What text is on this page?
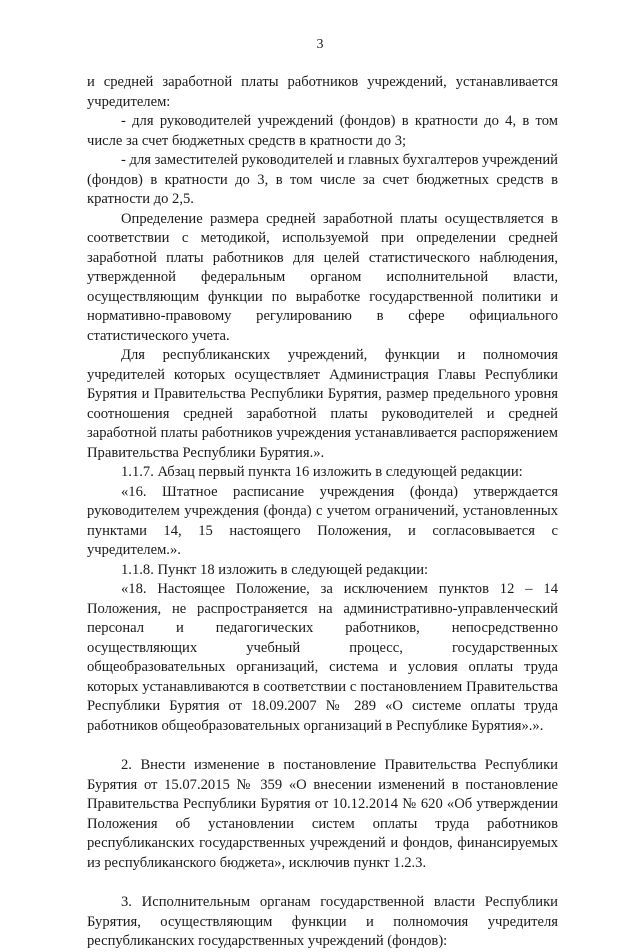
3

и средней заработной платы работников учреждений, устанавливается учредителем:

- для руководителей учреждений (фондов) в кратности до 4, в том числе за счет бюджетных средств в кратности до 3;

- для заместителей руководителей и главных бухгалтеров учреждений (фондов) в кратности до 3, в том числе за счет бюджетных средств в кратности до 2,5.

Определение размера средней заработной платы осуществляется в соответствии с методикой, используемой при определении средней заработной платы работников для целей статистического наблюдения, утвержденной федеральным органом исполнительной власти, осуществляющим функции по выработке государственной политики и нормативно-правовому регулированию в сфере официального статистического учета.

Для республиканских учреждений, функции и полномочия учредителей которых осуществляет Администрация Главы Республики Бурятия и Правительства Республики Бурятия, размер предельного уровня соотношения средней заработной платы руководителей и средней заработной платы работников учреждения устанавливается распоряжением Правительства Республики Бурятия.».

1.1.7. Абзац первый пункта 16 изложить в следующей редакции:

«16. Штатное расписание учреждения (фонда) утверждается руководителем учреждения (фонда) с учетом ограничений, установленных пунктами 14, 15 настоящего Положения, и согласовывается с учредителем.».

1.1.8. Пункт 18 изложить в следующей редакции:

«18. Настоящее Положение, за исключением пунктов 12 – 14 Положения, не распространяется на административно-управленческий персонал и педагогических работников, непосредственно осуществляющих учебный процесс, государственных общеобразовательных организаций, система и условия оплаты труда которых устанавливаются в соответствии с постановлением Правительства Республики Бурятия от 18.09.2007 № 289 «О системе оплаты труда работников общеобразовательных организаций в Республике Бурятия».».

2. Внести изменение в постановление Правительства Республики Бурятия от 15.07.2015 № 359 «О внесении изменений в постановление Правительства Республики Бурятия от 10.12.2014 № 620 «Об утверждении Положения об установлении систем оплаты труда работников республиканских государственных учреждений и фондов, финансируемых из республиканского бюджета», исключив пункт 1.2.3.

3. Исполнительным органам государственной власти Республики Бурятия, осуществляющим функции и полномочия учредителя республиканских государственных учреждений (фондов):
